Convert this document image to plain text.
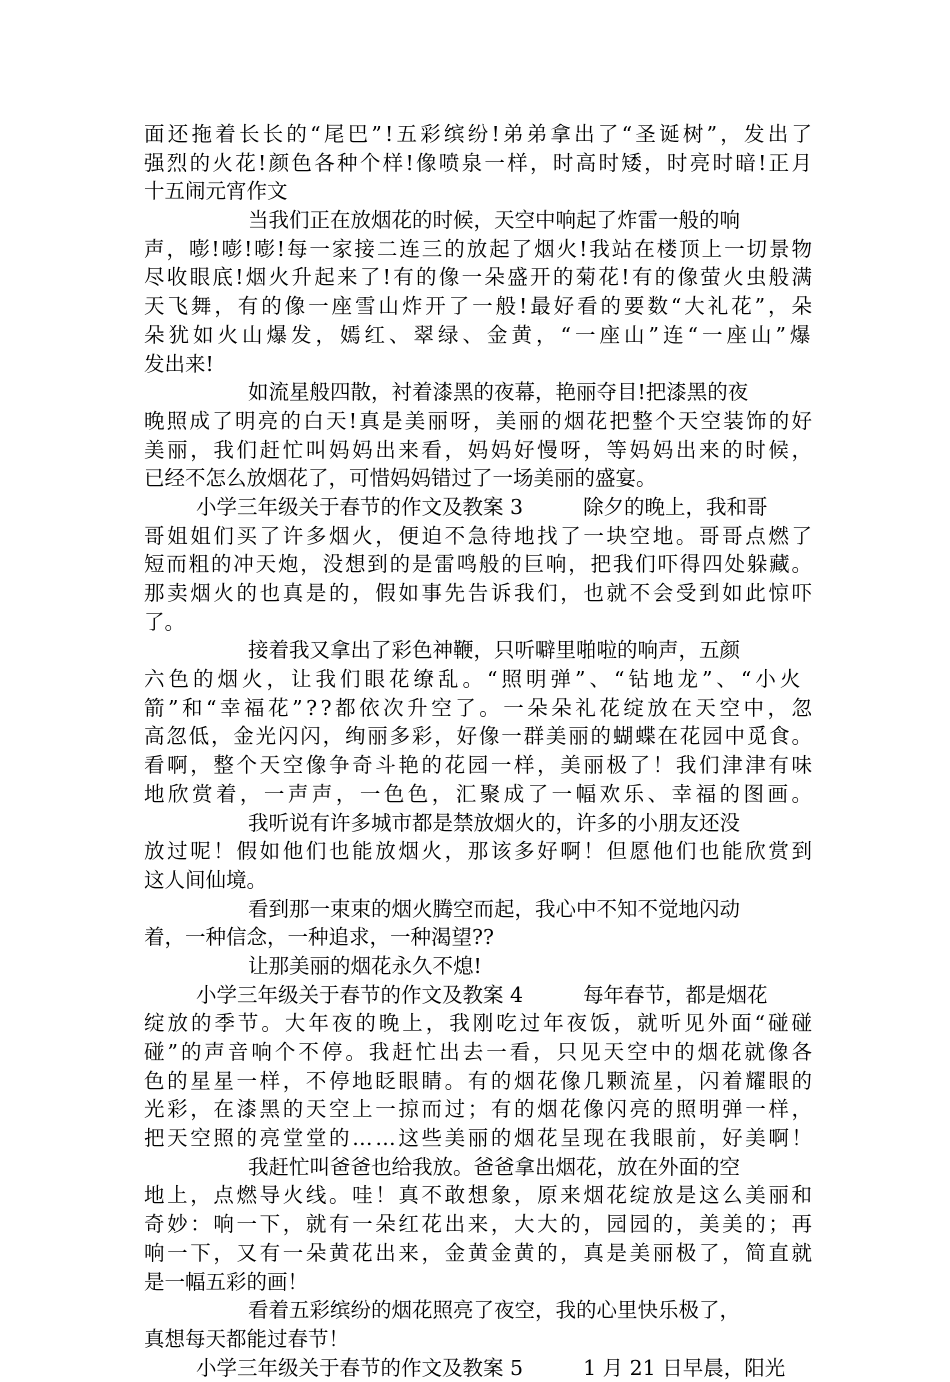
面还拖着长长的“尾巴”!五彩缤纷!弟弟拿出了“圣诞树”，发出了
强烈的火花!颜色各种个样!像喷泉一样，时高时矮，时亮时暗!正月
十五闹元宵作文
当我们正在放烟花的时候，天空中响起了炸雷一般的响
声，嘭!嘭!嘭!每一家接二连三的放起了烟火!我站在楼顶上一切景物
尽收眼底!烟火升起来了!有的像一朵盛开的菊花!有的像萤火虫般满
天飞舞，有的像一座雪山炸开了一般!最好看的要数“大礼花”，朵
朵犹如火山爆发，嫣红、翠绿、金黄，“一座山”连“一座山”爆
发出来!
如流星般四散，衬着漆黑的夜幕，艳丽夺目!把漆黑的夜
晚照成了明亮的白天!真是美丽呀，美丽的烟花把整个天空装饰的好
美丽，我们赶忙叫妈妈出来看，妈妈好慢呀，等妈妈出来的时候，
已经不怎么放烟花了，可惜妈妈错过了一场美丽的盛宴。
小学三年级关于春节的作文及教案 3	除夕的晚上，我和哥
哥姐姐们买了许多烟火，便迫不急待地找了一块空地。哥哥点燃了
短而粗的冲天炮，没想到的是雷鸣般的巨响，把我们吓得四处躲藏。
那卖烟火的也真是的，假如事先告诉我们，也就不会受到如此惊吓
了。
接着我又拿出了彩色神鞭，只听噼里啪啦的响声，五颜
六色的烟火，让我们眼花缭乱。“照明弹”、“钻地龙”、“小火
箭”和“幸福花”??都依次升空了。一朵朵礼花绽放在天空中，忽
高忽低，金光闪闪，绚丽多彩，好像一群美丽的蝴蝶在花园中觅食。
看啊，整个天空像争奇斗艳的花园一样，美丽极了！我们津津有味
地欣赏着，一声声，一色色，汇聚成了一幅欢乐、幸福的图画。
我听说有许多城市都是禁放烟火的，许多的小朋友还没
放过呢！假如他们也能放烟火，那该多好啊！但愿他们也能欣赏到
这人间仙境。
看到那一束束的烟火腾空而起，我心中不知不觉地闪动
着，一种信念，一种追求，一种渴望??
让那美丽的烟花永久不熄!
小学三年级关于春节的作文及教案 4	每年春节，都是烟花
绽放的季节。大年夜的晚上，我刚吃过年夜饭，就听见外面“碰碰
碰”的声音响个不停。我赶忙出去一看，只见天空中的烟花就像各
色的星星一样，不停地眨眼睛。有的烟花像几颗流星，闪着耀眼的
光彩，在漆黑的天空上一掠而过；有的烟花像闪亮的照明弹一样，
把天空照的亮堂堂的……这些美丽的烟花呈现在我眼前，好美啊！
我赶忙叫爸爸也给我放。爸爸拿出烟花，放在外面的空
地上，点燃导火线。哇！真不敢想象，原来烟花绽放是这么美丽和
奇妙：响一下，就有一朵红花出来，大大的，园园的，美美的；再
响一下，又有一朵黄花出来，金黄金黄的，真是美丽极了，简直就
是一幅五彩的画！
看着五彩缤纷的烟花照亮了夜空，我的心里快乐极了，
真想每天都能过春节！
小学三年级关于春节的作文及教案 5	1 月 21 日早晨，阳光
